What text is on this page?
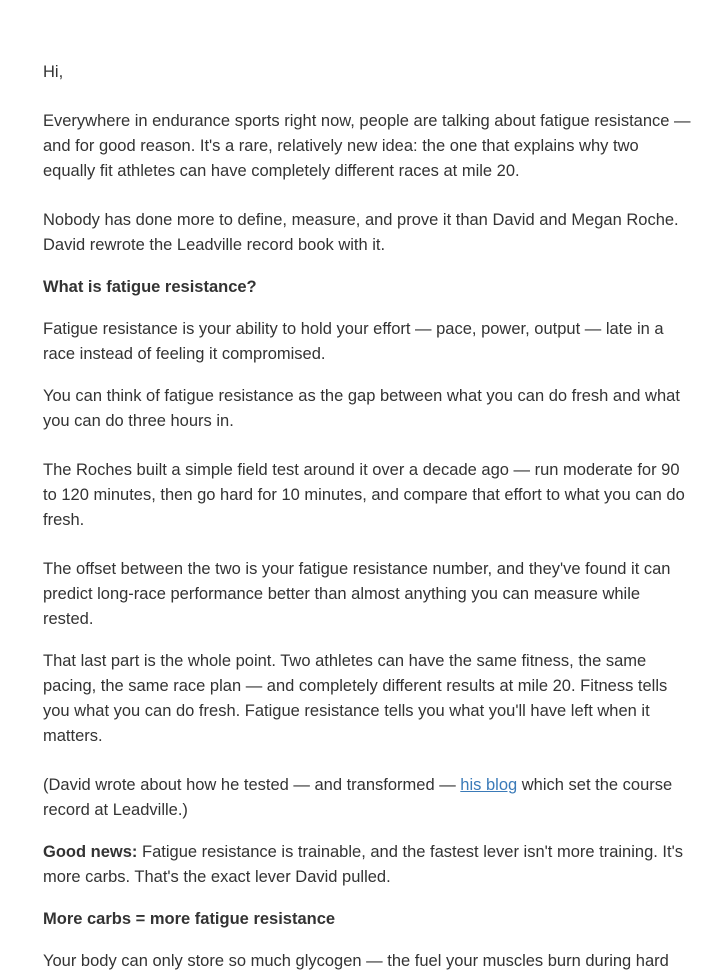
Hi,

Everywhere in endurance sports right now, people are talking about fatigue resistance — and for good reason. It's a rare, relatively new idea: the one that explains why two equally fit athletes can have completely different races at mile 20.

Nobody has done more to define, measure, and prove it than David and Megan Roche. David rewrote the Leadville record book with it.

What is fatigue resistance?

Fatigue resistance is your ability to hold your effort — pace, power, output — late in a race instead of feeling it compromised.

You can think of fatigue resistance as the gap between what you can do fresh and what you can do three hours in.

The Roches built a simple field test around it over a decade ago — run moderate for 90 to 120 minutes, then go hard for 10 minutes, and compare that effort to what you can do fresh.

The offset between the two is your fatigue resistance number, and they've found it can predict long-race performance better than almost anything you can measure while rested.

That last part is the whole point. Two athletes can have the same fitness, the same pacing, the same race plan — and completely different results at mile 20. Fitness tells you what you can do fresh. Fatigue resistance tells you what you'll have left when it matters.

(David wrote about how he tested — and transformed — his blog which set the course record at Leadville.)

Good news: Fatigue resistance is trainable, and the fastest lever isn't more training. It's more carbs. That's the exact lever David pulled.

More carbs = more fatigue resistance

Your body can only store so much glycogen — the fuel your muscles burn during hard
